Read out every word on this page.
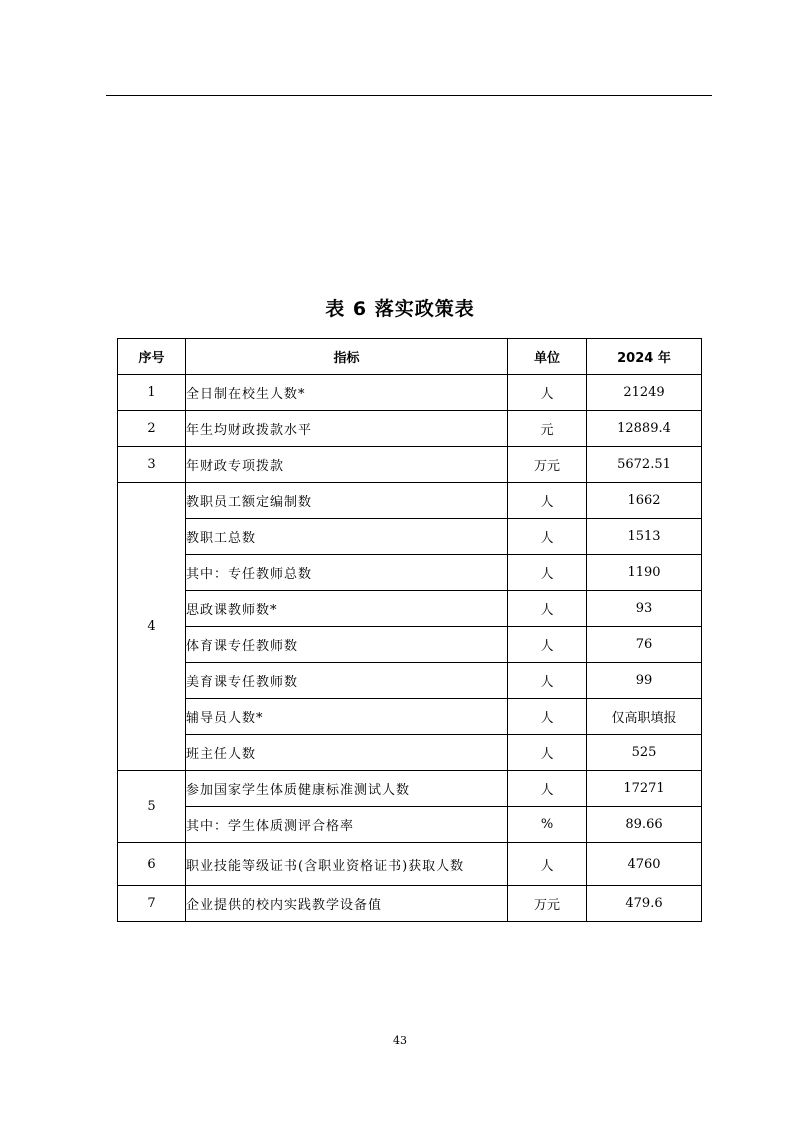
表 6 落实政策表
序号	指标	单位	2024 年
1	全日制在校生人数*	人	21249
2	年生均财政拨款水平	元	12889.4
3	年财政专项拨款	万元	5672.51
4	教职员工额定编制数	人	1662
	教职工总数	人	1513
	其中：专任教师总数	人	1190
	思政课教师数*	人	93
	体育课专任教师数	人	76
	美育课专任教师数	人	99
	辅导员人数*	人	仅高职填报
	班主任人数	人	525
5	参加国家学生体质健康标准测试人数	人	17271
	其中：学生体质测评合格率	%	89.66
6	职业技能等级证书(含职业资格证书)获取人数	人	4760
7	企业提供的校内实践教学设备值	万元	479.6
43
